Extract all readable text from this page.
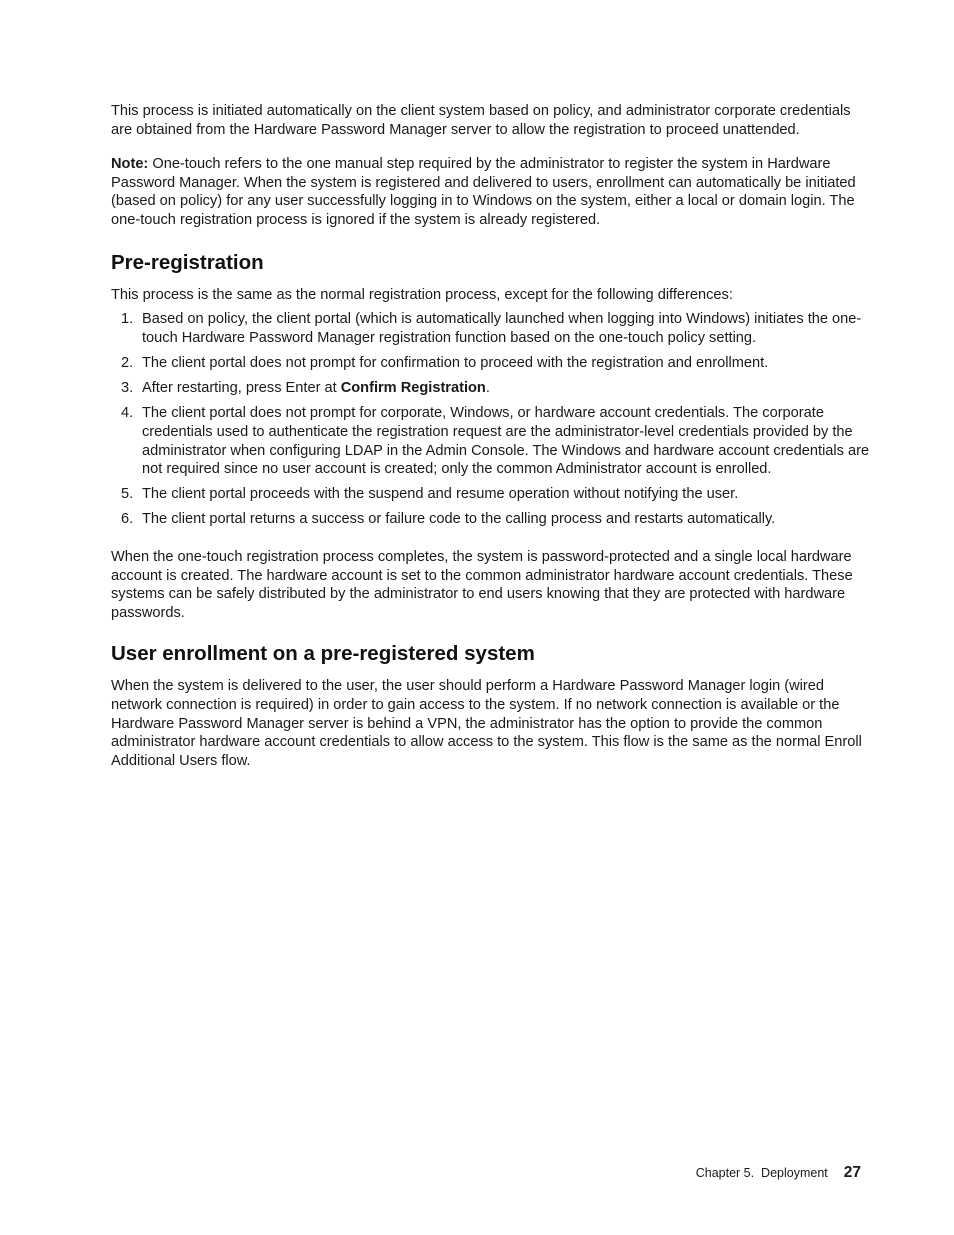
This process is initiated automatically on the client system based on policy, and administrator corporate credentials are obtained from the Hardware Password Manager server to allow the registration to proceed unattended.

Note: One-touch refers to the one manual step required by the administrator to register the system in Hardware Password Manager. When the system is registered and delivered to users, enrollment can automatically be initiated (based on policy) for any user successfully logging in to Windows on the system, either a local or domain login. The one-touch registration process is ignored if the system is already registered.

Pre-registration

This process is the same as the normal registration process, except for the following differences:

1. Based on policy, the client portal (which is automatically launched when logging into Windows) initiates the one-touch Hardware Password Manager registration function based on the one-touch policy setting.
2. The client portal does not prompt for confirmation to proceed with the registration and enrollment.
3. After restarting, press Enter at Confirm Registration.
4. The client portal does not prompt for corporate, Windows, or hardware account credentials. The corporate credentials used to authenticate the registration request are the administrator-level credentials provided by the administrator when configuring LDAP in the Admin Console. The Windows and hardware account credentials are not required since no user account is created; only the common Administrator account is enrolled.
5. The client portal proceeds with the suspend and resume operation without notifying the user.
6. The client portal returns a success or failure code to the calling process and restarts automatically.

When the one-touch registration process completes, the system is password-protected and a single local hardware account is created. The hardware account is set to the common administrator hardware account credentials. These systems can be safely distributed by the administrator to end users knowing that they are protected with hardware passwords.

User enrollment on a pre-registered system

When the system is delivered to the user, the user should perform a Hardware Password Manager login (wired network connection is required) in order to gain access to the system. If no network connection is available or the Hardware Password Manager server is behind a VPN, the administrator has the option to provide the common administrator hardware account credentials to allow access to the system. This flow is the same as the normal Enroll Additional Users flow.

Chapter 5.  Deployment 27
